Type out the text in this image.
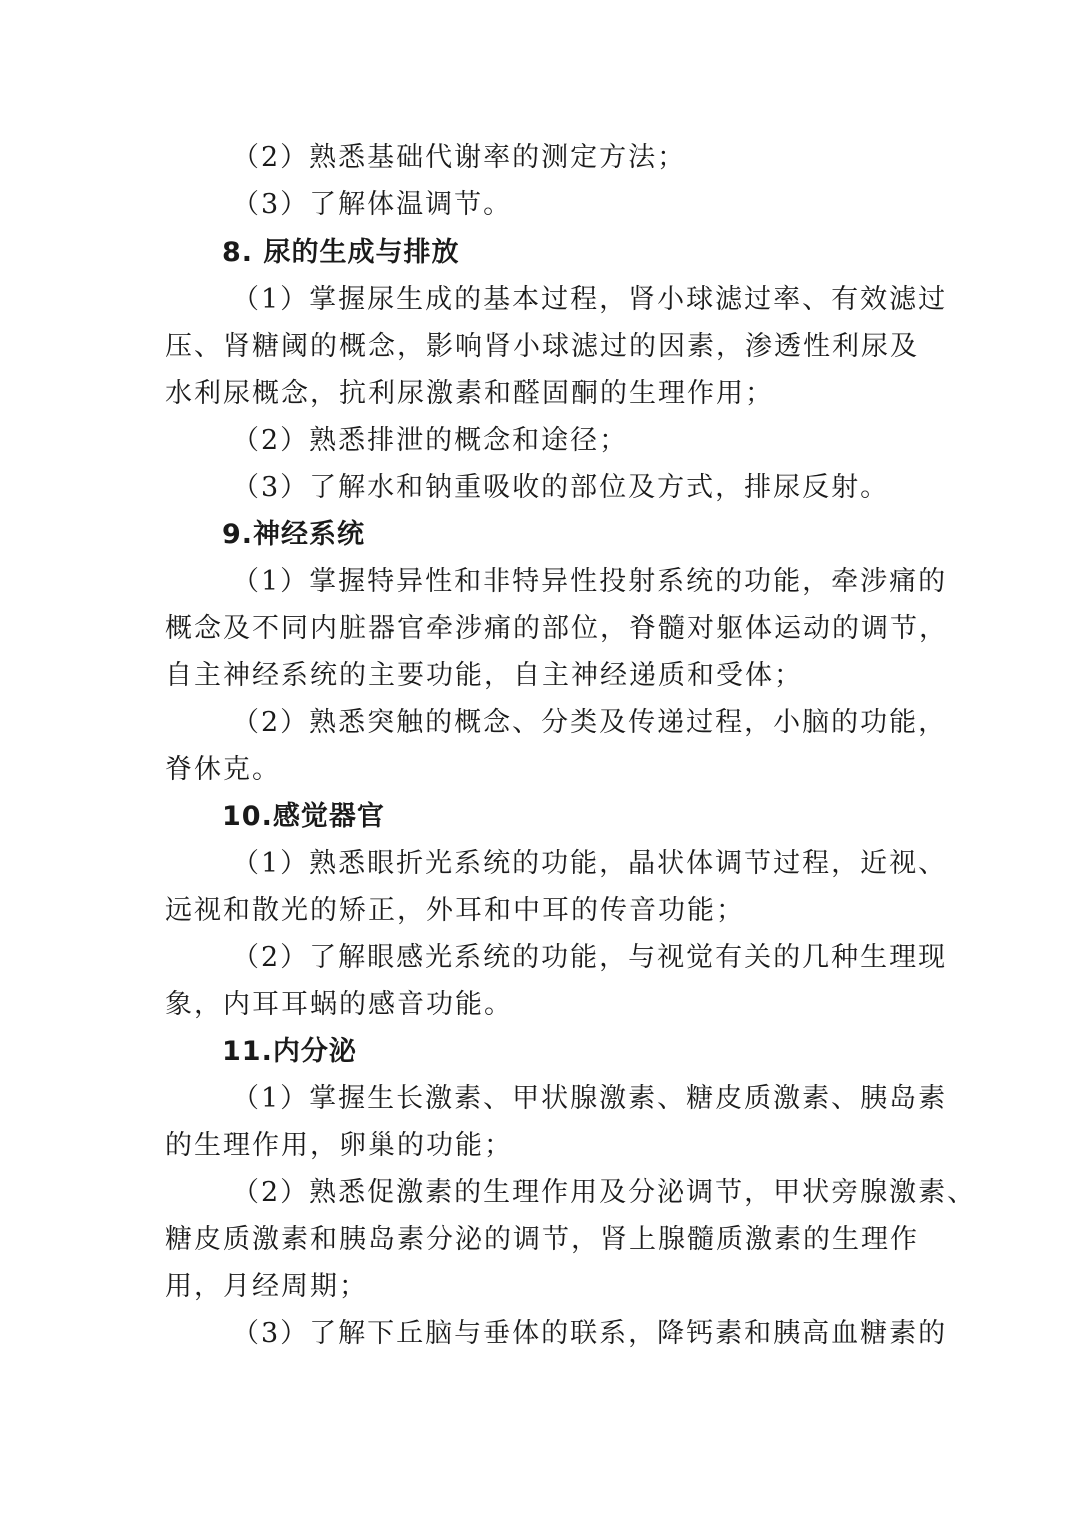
（2）熟悉基础代谢率的测定方法；
（3）了解体温调节。
8. 尿的生成与排放
（1）掌握尿生成的基本过程，肾小球滤过率、有效滤过
压、肾糖阈的概念，影响肾小球滤过的因素，渗透性利尿及
水利尿概念，抗利尿激素和醛固酮的生理作用；
（2）熟悉排泄的概念和途径；
（3）了解水和钠重吸收的部位及方式，排尿反射。
9.神经系统
（1）掌握特异性和非特异性投射系统的功能，牵涉痛的
概念及不同内脏器官牵涉痛的部位，脊髓对躯体运动的调节，
自主神经系统的主要功能，自主神经递质和受体；
（2）熟悉突触的概念、分类及传递过程，小脑的功能，
脊休克。
10.感觉器官
（1）熟悉眼折光系统的功能，晶状体调节过程，近视、
远视和散光的矫正，外耳和中耳的传音功能；
（2）了解眼感光系统的功能，与视觉有关的几种生理现
象，内耳耳蜗的感音功能。
11.内分泌
（1）掌握生长激素、甲状腺激素、糖皮质激素、胰岛素
的生理作用，卵巢的功能；
（2）熟悉促激素的生理作用及分泌调节，甲状旁腺激素、
糖皮质激素和胰岛素分泌的调节，肾上腺髓质激素的生理作
用，月经周期；
（3）了解下丘脑与垂体的联系，降钙素和胰高血糖素的
